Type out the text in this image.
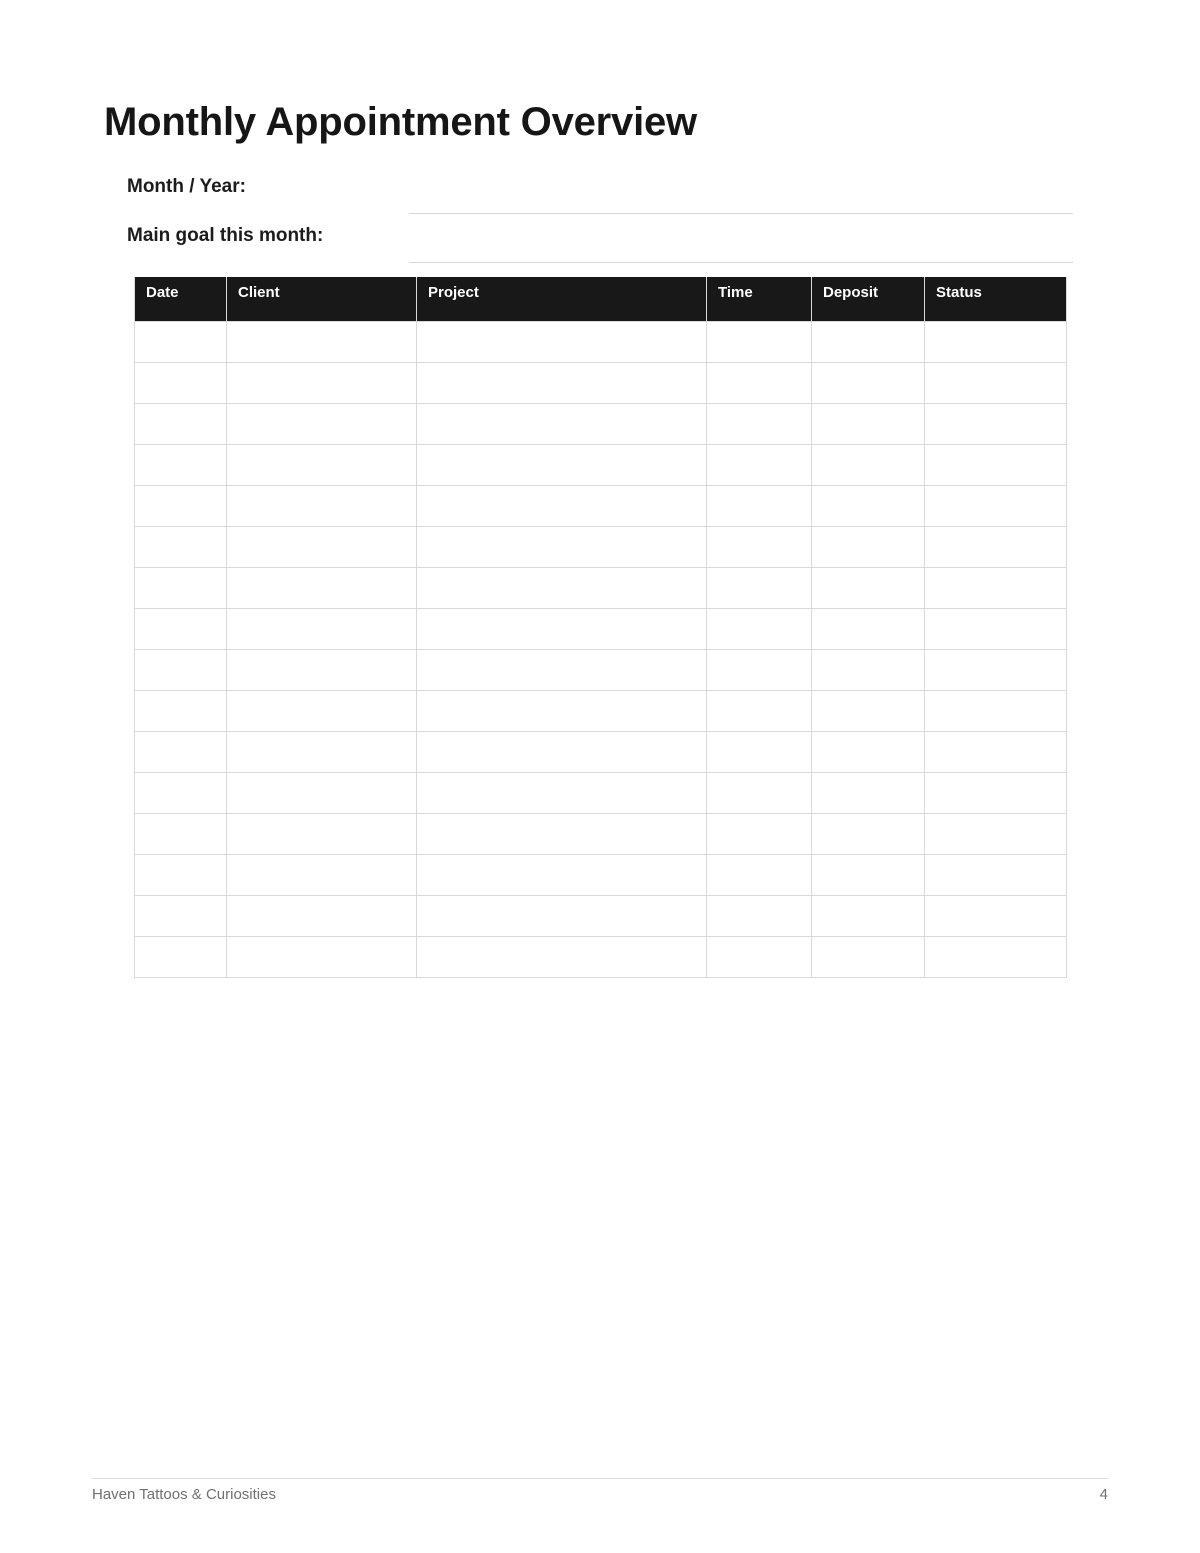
Monthly Appointment Overview
Month / Year:
Main goal this month:
Date	Client	Project	Time	Deposit	Status

Haven Tattoos & Curiosities	4
